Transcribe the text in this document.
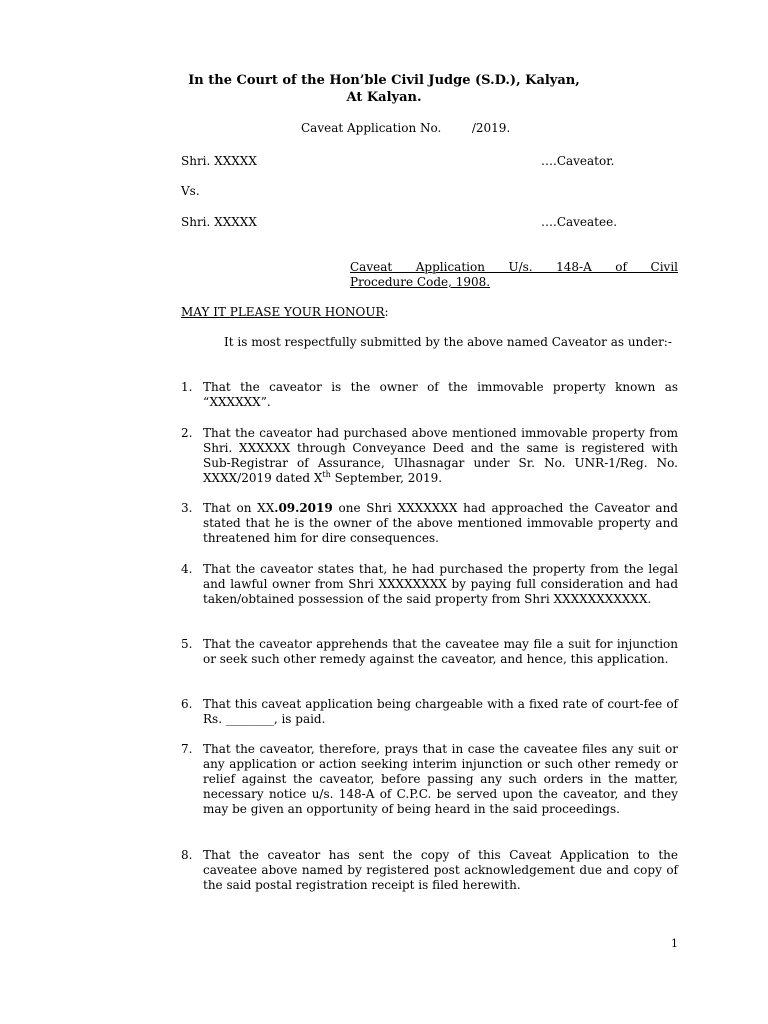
In the Court of the Hon’ble Civil Judge (S.D.), Kalyan,
At Kalyan.
Caveat Application No.        /2019.
Shri. XXXXX	….Caveator.
Vs.
Shri. XXXXX	….Caveatee.
Caveat Application U/s. 148-A of Civil
Procedure Code, 1908.
MAY IT PLEASE YOUR HONOUR:
It is most respectfully submitted by the above named Caveator as under:-
1. That the caveator is the owner of the immovable property known as “XXXXXX”.
2. That the caveator had purchased above mentioned immovable property from Shri. XXXXXX through Conveyance Deed and the same is registered with Sub-Registrar of Assurance, Ulhasnagar under Sr. No. UNR-1/Reg. No. XXXX/2019 dated Xth September, 2019.
3. That on XX.09.2019 one Shri XXXXXXX had approached the Caveator and stated that he is the owner of the above mentioned immovable property and threatened him for dire consequences.
4. That the caveator states that, he had purchased the property from the legal and lawful owner from Shri XXXXXXXX by paying full consideration and had taken/obtained possession of the said property from Shri XXXXXXXXXXX.
5. That the caveator apprehends that the caveatee may file a suit for injunction or seek such other remedy against the caveator, and hence, this application.
6. That this caveat application being chargeable with a fixed rate of court-fee of Rs. ________, is paid.
7. That the caveator, therefore, prays that in case the caveatee files any suit or any application or action seeking interim injunction or such other remedy or relief against the caveator, before passing any such orders in the matter, necessary notice u/s. 148-A of C.P.C. be served upon the caveator, and they may be given an opportunity of being heard in the said proceedings.
8. That the caveator has sent the copy of this Caveat Application to the caveatee above named by registered post acknowledgement due and copy of the said postal registration receipt is filed herewith.
1
